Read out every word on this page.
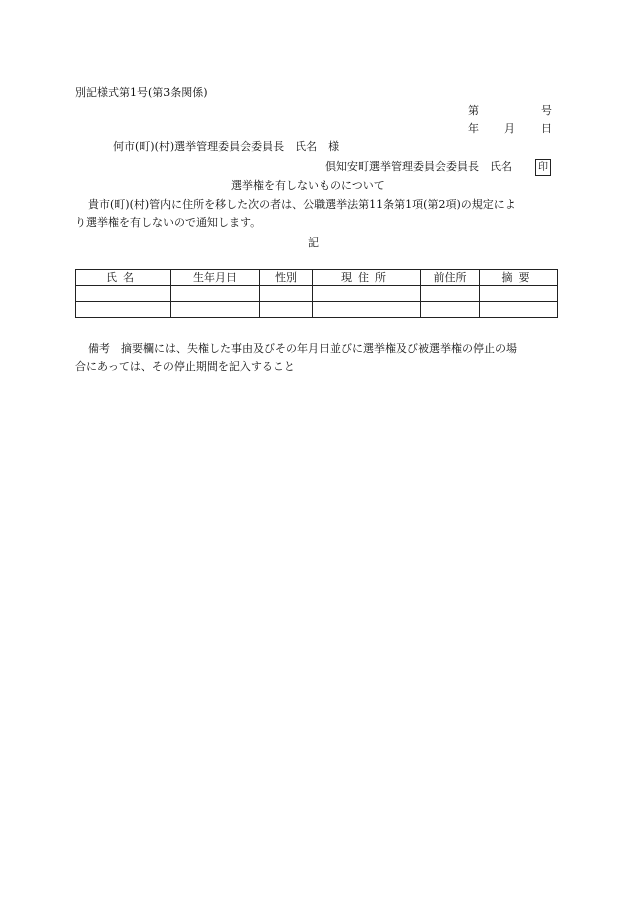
別記様式第1号(第3条関係)
第	号
年 月 日
何市(町)(村)選挙管理委員会委員長　氏名　様
倶知安町選挙管理委員会委員長　氏名	印
選挙権を有しないものについて
貴市(町)(村)管内に住所を移した次の者は、公職選挙法第11条第1項(第2項)の規定によ
り選挙権を有しないので通知します。
記
氏名	生年月日	性別	現住所	前住所	摘要

備考　摘要欄には、失権した事由及びその年月日並びに選挙権及び被選挙権の停止の場
合にあっては、その停止期間を記入すること
